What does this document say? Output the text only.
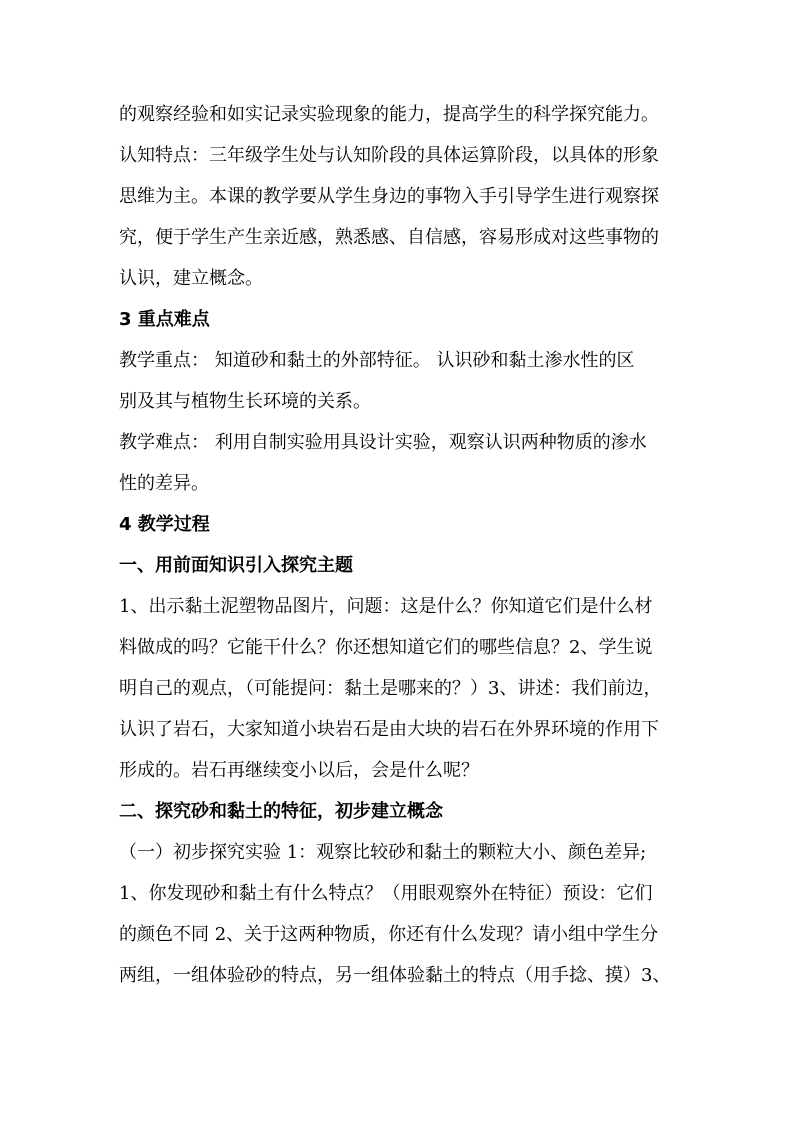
的观察经验和如实记录实验现象的能力，提高学生的科学探究能力。
认知特点：三年级学生处与认知阶段的具体运算阶段，以具体的形象
思维为主。本课的教学要从学生身边的事物入手引导学生进行观察探
究，便于学生产生亲近感，熟悉感、自信感，容易形成对这些事物的
认识，建立概念。
3 重点难点
教学重点： 知道砂和黏土的外部特征。 认识砂和黏土渗水性的区
别及其与植物生长环境的关系。
教学难点： 利用自制实验用具设计实验，观察认识两种物质的渗水
性的差异。
4 教学过程
一、用前面知识引入探究主题
1、出示黏土泥塑物品图片，问题：这是什么？你知道它们是什么材
料做成的吗？它能干什么？你还想知道它们的哪些信息？2、学生说
明自己的观点，（可能提问：黏土是哪来的？）3、讲述：我们前边，
认识了岩石，大家知道小块岩石是由大块的岩石在外界环境的作用下
形成的。岩石再继续变小以后，会是什么呢？
二、探究砂和黏土的特征，初步建立概念
（一）初步探究实验 1：观察比较砂和黏土的颗粒大小、颜色差异;
1、你发现砂和黏土有什么特点？（用眼观察外在特征）预设：它们
的颜色不同 2、关于这两种物质，你还有什么发现？请小组中学生分
两组，一组体验砂的特点，另一组体验黏土的特点（用手捻、摸）3、
